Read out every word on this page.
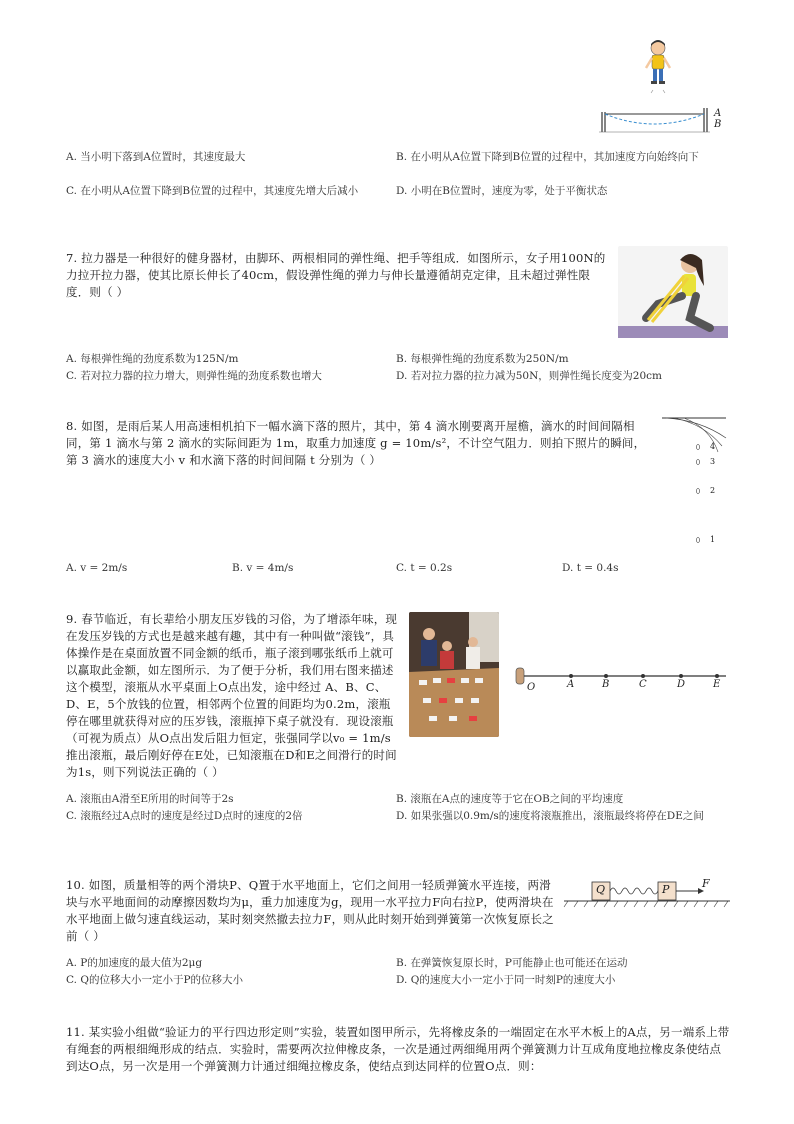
A
B
A. 当小明下落到A位置时，其速度最大	B. 在小明从A位置下降到B位置的过程中，其加速度方向始终向下
C. 在小明从A位置下降到B位置的过程中，其速度先增大后减小	D. 小明在B位置时，速度为零，处于平衡状态
7. 拉力器是一种很好的健身器材，由脚环、两根相同的弹性绳、把手等组成．如图所示，女子用100N的力拉开拉力器，使其比原长伸长了40cm，假设弹性绳的弹力与伸长量遵循胡克定律，且未超过弹性限度．则（ ）
A. 每根弹性绳的劲度系数为125N/m	B. 每根弹性绳的劲度系数为250N/m
C. 若对拉力器的拉力增大，则弹性绳的劲度系数也增大	D. 若对拉力器的拉力减为50N，则弹性绳长度变为20cm
8. 如图，是雨后某人用高速相机拍下一幅水滴下落的照片，其中，第 4 滴水刚要离开屋檐，滴水的时间间隔相同，第 1 滴水与第 2 滴水的实际间距为 1m，取重力加速度 g = 10m/s²，不计空气阻力．则拍下照片的瞬间，第 3 滴水的速度大小 v 和水滴下落的时间间隔 t 分别为（ ）
4
3
2
1
A. v = 2m/s	B. v = 4m/s	C. t = 0.2s	D. t = 0.4s
9. 春节临近，有长辈给小朋友压岁钱的习俗，为了增添年味，现在发压岁钱的方式也是越来越有趣，其中有一种叫做“滚钱”，具体操作是在桌面放置不同金额的纸币，瓶子滚到哪张纸币上就可以赢取此金额，如左图所示．为了便于分析，我们用右图来描述这个模型，滚瓶从水平桌面上O点出发，途中经过 A、B、C、D、E，5个放钱的位置，相邻两个位置的间距均为0.2m，滚瓶停在哪里就获得对应的压岁钱，滚瓶掉下桌子就没有．现设滚瓶（可视为质点）从O点出发后阻力恒定，张强同学以v₀ = 1m/s推出滚瓶，最后刚好停在E处，已知滚瓶在D和E之间滑行的时间为1s，则下列说法正确的（ ）
O	A	B	C	D	E
A. 滚瓶由A滑至E所用的时间等于2s	B. 滚瓶在A点的速度等于它在OB之间的平均速度
C. 滚瓶经过A点时的速度是经过D点时的速度的2倍	D. 如果张强以0.9m/s的速度将滚瓶推出，滚瓶最终将停在DE之间
10. 如图，质量相等的两个滑块P、Q置于水平地面上，它们之间用一轻质弹簧水平连接，两滑块与水平地面间的动摩擦因数均为μ，重力加速度为g，现用一水平拉力F向右拉P，使两滑块在水平地面上做匀速直线运动，某时刻突然撤去拉力F，则从此时刻开始到弹簧第一次恢复原长之前（ ）
Q	P	F
A. P的加速度的最大值为2μg	B. 在弹簧恢复原长时，P可能静止也可能还在运动
C. Q的位移大小一定小于P的位移大小	D. Q的速度大小一定小于同一时刻P的速度大小
11. 某实验小组做“验证力的平行四边形定则”实验，装置如图甲所示，先将橡皮条的一端固定在水平木板上的A点，另一端系上带有绳套的两根细绳形成的结点．实验时，需要两次拉伸橡皮条，一次是通过两细绳用两个弹簧测力计互成角度地拉橡皮条使结点到达O点，另一次是用一个弹簧测力计通过细绳拉橡皮条，使结点到达同样的位置O点．则：
